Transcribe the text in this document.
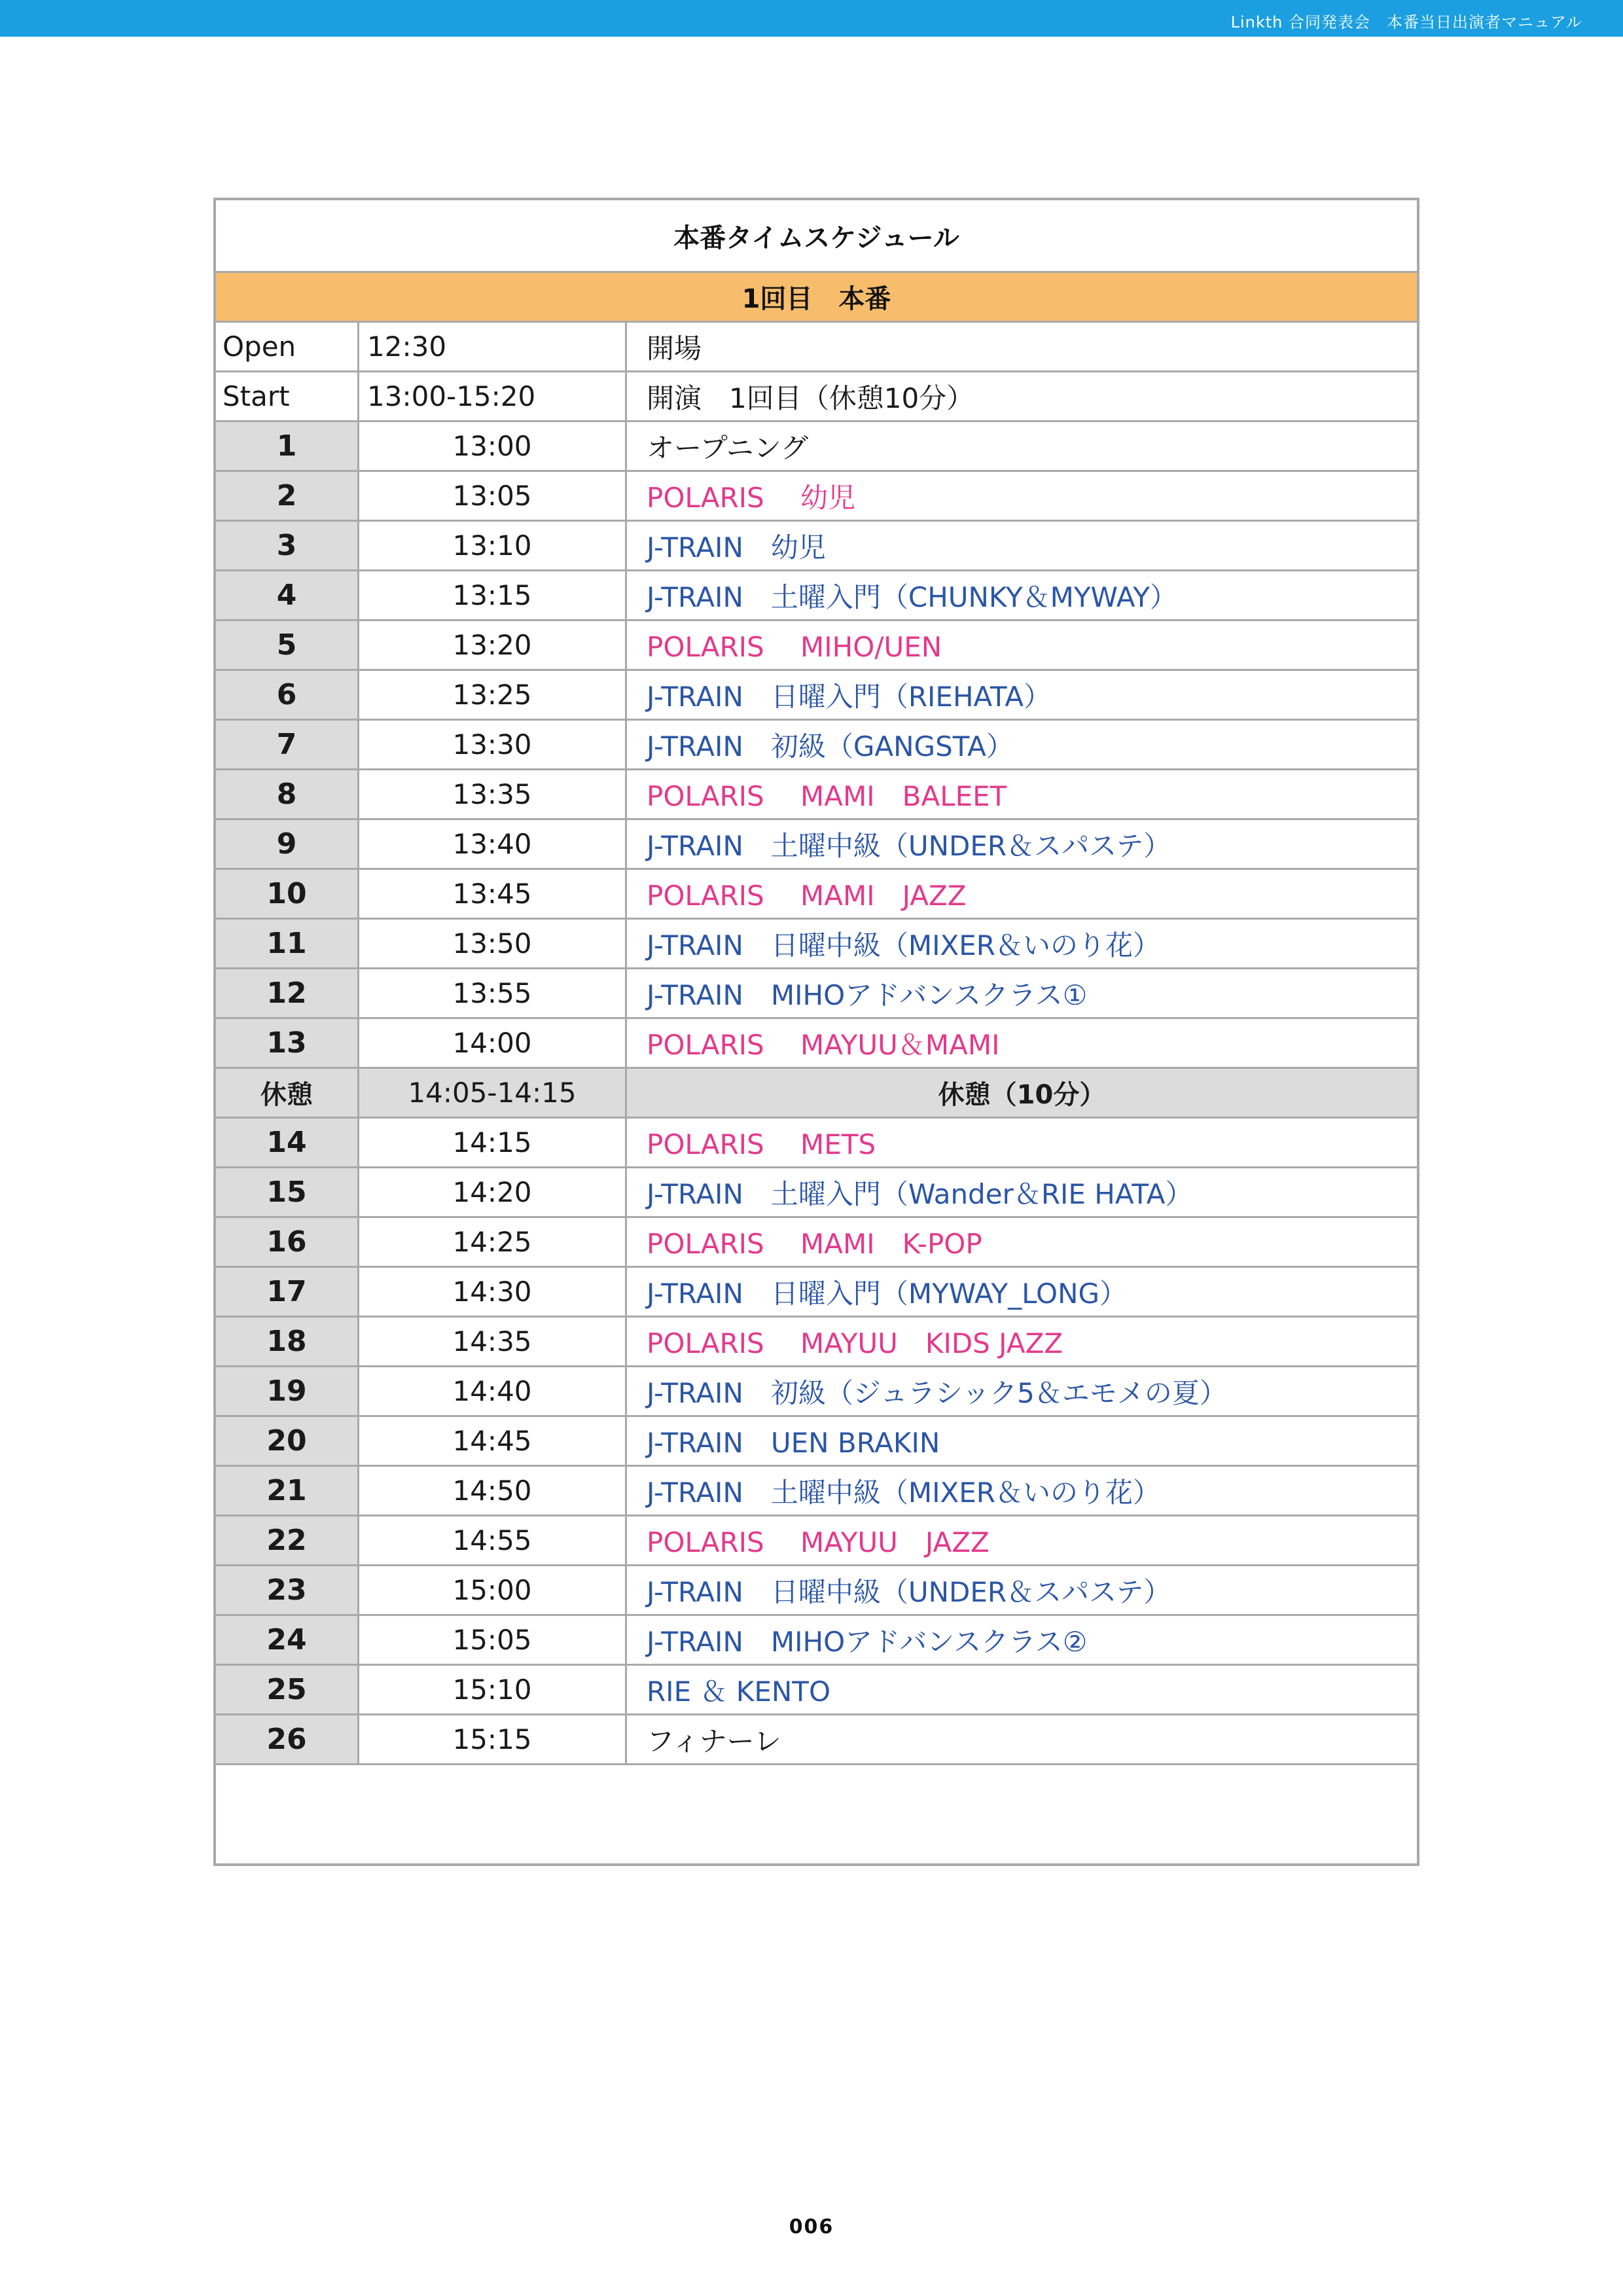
Linkth 合同発表会　本番当日出演者マニュアル
本番タイムスケジュール
1回目　本番
Open	12:30	開場
Start	13:00-15:20	開演　1回目（休憩10分）
1	13:00	オープニング
2	13:05	POLARIS　 幼児
3	13:10	J-TRAIN　幼児
4	13:15	J-TRAIN　土曜入門（CHUNKY＆MYWAY）
5	13:20	POLARIS　 MIHO/UEN
6	13:25	J-TRAIN　日曜入門（RIEHATA）
7	13:30	J-TRAIN　初級（GANGSTA）
8	13:35	POLARIS　 MAMI　BALEET
9	13:40	J-TRAIN　土曜中級（UNDER＆スパステ）
10	13:45	POLARIS　 MAMI　JAZZ
11	13:50	J-TRAIN　日曜中級（MIXER＆いのり花）
12	13:55	J-TRAIN　MIHOアドバンスクラス①
13	14:00	POLARIS　 MAYUU＆MAMI
休憩	14:05-14:15	休憩（10分）
14	14:15	POLARIS　 METS
15	14:20	J-TRAIN　土曜入門（Wander＆RIE HATA）
16	14:25	POLARIS　 MAMI　K-POP
17	14:30	J-TRAIN　日曜入門（MYWAY_LONG）
18	14:35	POLARIS　 MAYUU　KIDS JAZZ
19	14:40	J-TRAIN　初級（ジュラシック5＆エモメの夏）
20	14:45	J-TRAIN　UEN BRAKIN
21	14:50	J-TRAIN　土曜中級（MIXER＆いのり花）
22	14:55	POLARIS　 MAYUU　JAZZ
23	15:00	J-TRAIN　日曜中級（UNDER＆スパステ）
24	15:05	J-TRAIN　MIHOアドバンスクラス②
25	15:10	RIE ＆ KENTO
26	15:15	フィナーレ
006
